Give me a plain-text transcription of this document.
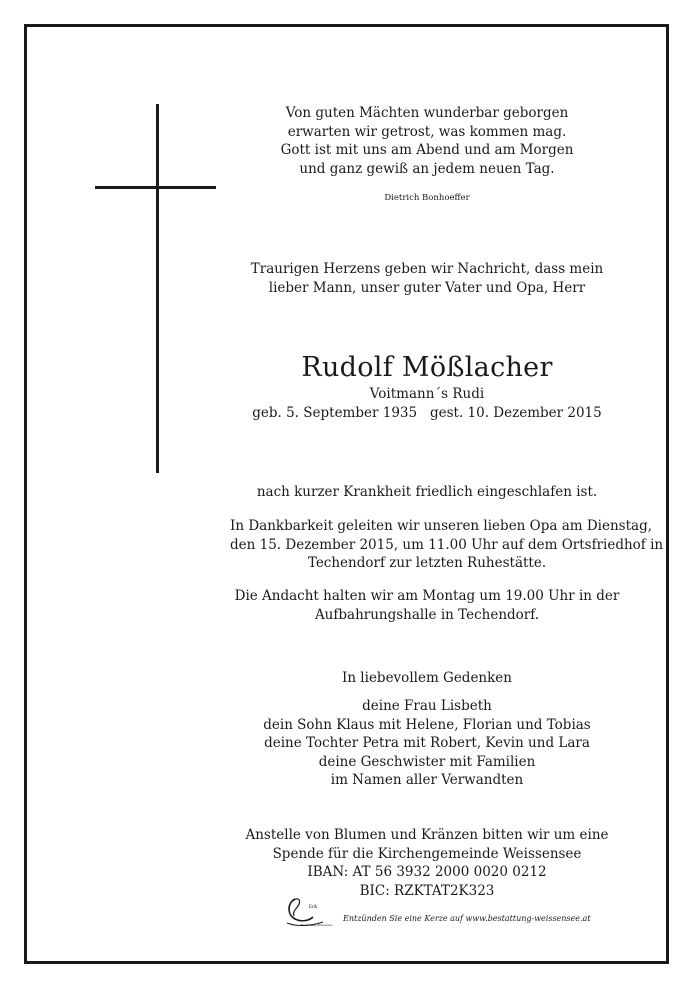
Von guten Mächten wunderbar geborgen
erwarten wir getrost, was kommen mag.
Gott ist mit uns am Abend und am Morgen
und ganz gewiß an jedem neuen Tag.
Dietrich Bonhoeffer
Traurigen Herzens geben wir Nachricht, dass mein
lieber Mann, unser guter Vater und Opa, Herr
Rudolf Mößlacher
Voitmann´s Rudi
geb. 5. September 1935   gest. 10. Dezember 2015
nach kurzer Krankheit friedlich eingeschlafen ist.
In Dankbarkeit geleiten wir unseren lieben Opa am Dienstag,
den 15. Dezember 2015, um 11.00 Uhr auf dem Ortsfriedhof in
Techendorf zur letzten Ruhestätte.
Die Andacht halten wir am Montag um 19.00 Uhr in der
Aufbahrungshalle in Techendorf.
In liebevollem Gedenken
deine Frau Lisbeth
dein Sohn Klaus mit Helene, Florian und Tobias
deine Tochter Petra mit Robert, Kevin und Lara
deine Geschwister mit Familien
im Namen aller Verwandten
Anstelle von Blumen und Kränzen bitten wir um eine
Spende für die Kirchengemeinde Weissensee
IBAN: AT 56 3932 2000 0020 0212
BIC: RZKTAT2K323
Erik
Bestattung Weissensee
Entzünden Sie eine Kerze auf www.bestattung-weissensee.at
